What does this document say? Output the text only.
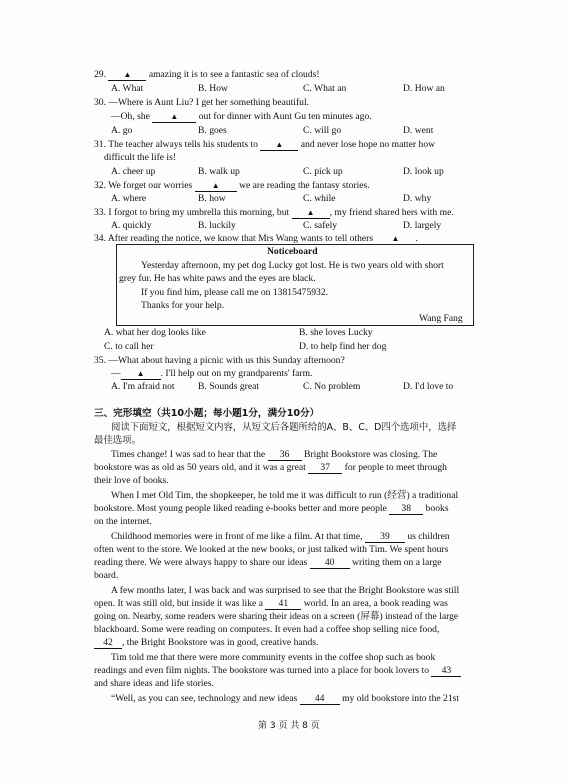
29. ▲ amazing it is to see a fantastic sea of clouds!
A. What	B. How	C. What an	D. How an
30. —Where is Aunt Liu? I get her something beautiful.
—Oh, she	▲ out for dinner with Aunt Gu ten minutes ago.
A. go	B. goes	C. will go	D. went
31. The teacher always tells his students to ▲ and never lose hope no matter how
difficult the life is!
A. cheer up	B. walk up	C. pick up	D. look up
32. We forget our worries ▲ we are reading the fantasy stories.
A. where	B. how	C. while	D. why
33. I forgot to bring my umbrella this morning, but ▲ , my friend shared hers with me.
A. quickly	B. luckily	C. safely	D. largely
34. After reading the notice, we know that Mrs Wang wants to tell others ▲ .
Noticeboard
Yesterday afternoon, my pet dog Lucky got lost. He is two years old with short
grey fur. He has white paws and the eyes are black.
If you find him, please call me on 13815475932.
Thanks for your help.
Wang Fang
A. what her dog looks like	B. she loves Lucky
C. to call her	D. to help find her dog
35. —What about having a picnic with us this Sunday afternoon?
— ▲ . I'll help out on my grandparents' farm.
A. I'm afraid not B. Sounds great	C. No problem	D. I'd love to
三、完形填空（共10小题；每小题1分，满分10分）
阅读下面短文，根据短文内容，从短文后各题所给的A、B、C、D四个选项中，选择
最佳选项。
Times change! I was sad to hear that the 36 Bright Bookstore was closing. The
bookstore was as old as 50 years old, and it was a great 37 for people to meet through
their love of books.
When I met Old Tim, the shopkeeper, he told me it was difficult to run (经营) a traditional
bookstore. Most young people liked reading e-books better and more people 38 books
on the internet.
Childhood memories were in front of me like a film. At that time, 39 us children
often went to the store. We looked at the new books, or just talked with Tim. We spent hours
reading there. We were always happy to share our ideas 40 writing them on a large
board.
A few months later, I was back and was surprised to see that the Bright Bookstore was still
open. It was still old, but inside it was like a 41 world. In an area, a book reading was
going on. Nearby, some readers were sharing their ideas on a screen (屏幕) instead of the large
blackboard. Some were reading on computers. It even had a coffee shop selling nice food,
42 , the Bright Bookstore was in good, creative hands.
Tim told me that there were more community events in the coffee shop such as book
readings and even film nights. The bookstore was turned into a place for book lovers to 43
and share ideas and life stories.
“Well, as you can see, technology and new ideas 44 my old bookstore into the 21st
第 3 页 共 8 页
